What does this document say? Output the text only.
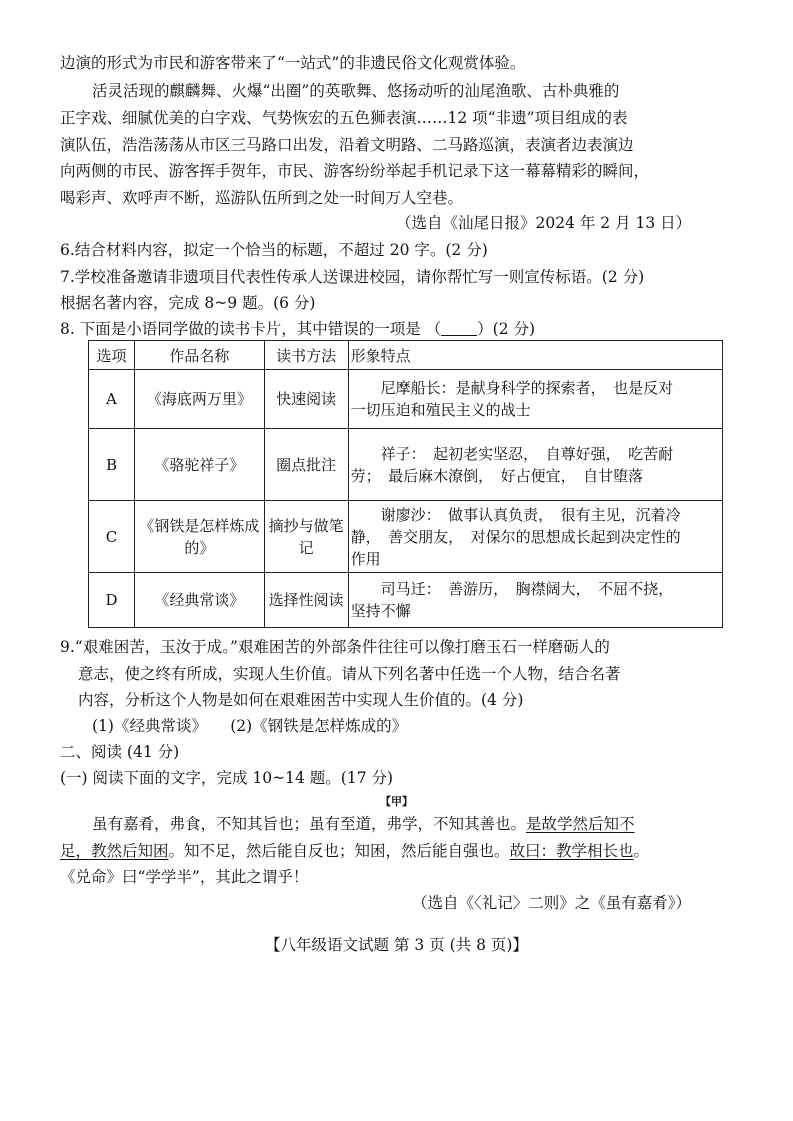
边演的形式为市民和游客带来了“一站式”的非遗民俗文化观赏体验。
活灵活现的麒麟舞、火爆“出圈”的英歌舞、悠扬动听的汕尾渔歌、古朴典雅的
正字戏、细腻优美的白字戏、气势恢宏的五色狮表演……12 项“非遗”项目组成的表
演队伍，浩浩荡荡从市区三马路口出发，沿着文明路、二马路巡演，表演者边表演边
向两侧的市民、游客挥手贺年，市民、游客纷纷举起手机记录下这一幕幕精彩的瞬间，
喝彩声、欢呼声不断，巡游队伍所到之处一时间万人空巷。
（选自《汕尾日报》2024 年 2 月 13 日）
6.结合材料内容，拟定一个恰当的标题，不超过 20 字。(2 分)
7.学校准备邀请非遗项目代表性传承人送课进校园，请你帮忙写一则宣传标语。(2 分)
根据名著内容，完成 8~9 题。(6 分)
8. 下面是小语同学做的读书卡片，其中错误的一项是 （ ）(2 分)
选项	作品名称	读书方法	形象特点
A	《海底两万里》	快速阅读	　　尼摩船长：是献身科学的探索者，　也是反对
一切压迫和殖民主义的战士

B	《骆驼祥子》	圈点批注	　　祥子：　起初老实坚忍，　自尊好强，　吃苦耐
劳；　最后麻木潦倒，　好占便宜，　自甘堕落

C	《钢铁是怎样炼成的》	摘抄与做笔记	　　谢廖沙：　做事认真负责，　很有主见，沉着冷
静，　善交朋友，　对保尔的思想成长起到决定性的
作用

D	《经典常谈》	选择性阅读	　　司马迁：　善游历，　胸襟阔大，　不屈不挠，
坚持不懈
9.“艰难困苦，玉汝于成。”艰难困苦的外部条件往往可以像打磨玉石一样磨砺人的
意志，使之终有所成，实现人生价值。请从下列名著中任选一个人物，结合名著
内容，分析这个人物是如何在艰难困苦中实现人生价值的。(4 分)
(1)《经典常谈》　　(2)《钢铁是怎样炼成的》
二、阅读 (41 分)
(一) 阅读下面的文字，完成 10~14 题。(17 分)
【甲】
虽有嘉肴，弗食，不知其旨也；虽有至道，弗学，不知其善也。是故学然后知不
足，教然后知困。知不足，然后能自反也；知困，然后能自强也。故曰：教学相长也。
《兑命》曰“学学半”，其此之谓乎！
（选自《〈礼记〉二则》之《虽有嘉肴》）
【八年级语文试题 第 3 页 (共 8 页)】
